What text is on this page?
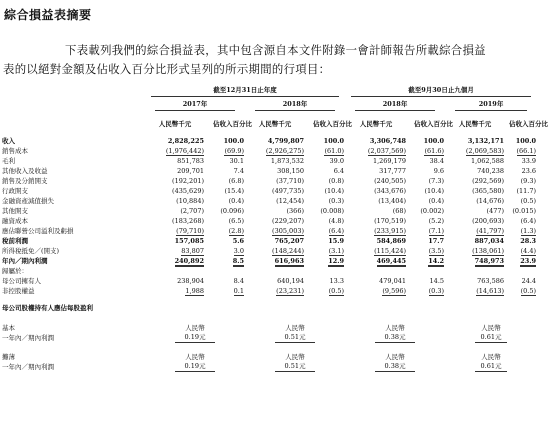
綜合損益表摘要
下表載列我們的綜合損益表，其中包含源自本文件附錄一會計師報告所載綜合損益
表的以絕對金額及佔收入百分比形式呈列的所示期間的行項目：

	截至12月31日止年度				截至9月30日止九個月			

	2017年		2018年		2018年		2019年	

	人民幣千元	佔收入百分比	人民幣千元	佔收入百分比	人民幣千元	佔收入百分比	人民幣千元	佔收入百分比
收入	2,828,225	100.0	4,799,807	100.0	3,306,748	100.0	3,132,171	100.0
銷售成本	(1,976,442)	(69.9)	(2,926,275)	(61.0)	(2,037,569)	(61.6)	(2,069,583)	(66.1)
毛利	851,783	30.1	1,873,532	39.0	1,269,179	38.4	1,062,588	33.9
其他收入及收益	209,701	7.4	308,150	6.4	317,777	9.6	740,238	23.6
銷售及分銷開支	(192,201)	(6.8)	(37,710)	(0.8)	(240,505)	(7.3)	(292,569)	(9.3)
行政開支	(435,629)	(15.4)	(497,735)	(10.4)	(343,676)	(10.4)	(365,580)	(11.7)
金融資產減值損失	(10,884)	(0.4)	(12,454)	(0.3)	(13,404)	(0.4)	(14,676)	(0.5)
其他開支	(2,707)	(0.096)	(366)	(0.008)	(68)	(0.002)	(477)	(0.015)
融資成本	(183,268)	(6.5)	(229,207)	(4.8)	(170,519)	(5.2)	(200,693)	(6.4)
應佔聯營公司溢利及虧損	(79,710)	(2.8)	(305,003)	(6.4)	(233,915)	(7.1)	(41,797)	(1.3)
稅前利潤	157,085	5.6	765,207	15.9	584,869	17.7	887,034	28.3
所得稅抵免／(開支)	83,807	3.0	(148,244)	(3.1)	(115,424)	(3.5)	(138,061)	(4.4)
年內／期內利潤	240,892	8.5	616,963	12.9	469,445	14.2	748,973	23.9
歸屬於：								
母公司擁有人	238,904	8.4	640,194	13.3	479,041	14.5	763,586	24.4
非控股權益	1,988	0.1	(23,231)	(0.5)	(9,596)	(0.3)	(14,613)	(0.5)

母公司股權持有人應佔每股盈利								

基本	人民幣		人民幣		人民幣		人民幣	

一年內／期內利潤	0.19元		0.51元		0.38元		0.61元	

攤薄	人民幣		人民幣		人民幣		人民幣	

一年內／期內利潤	0.19元		0.51元		0.38元		0.61元	
